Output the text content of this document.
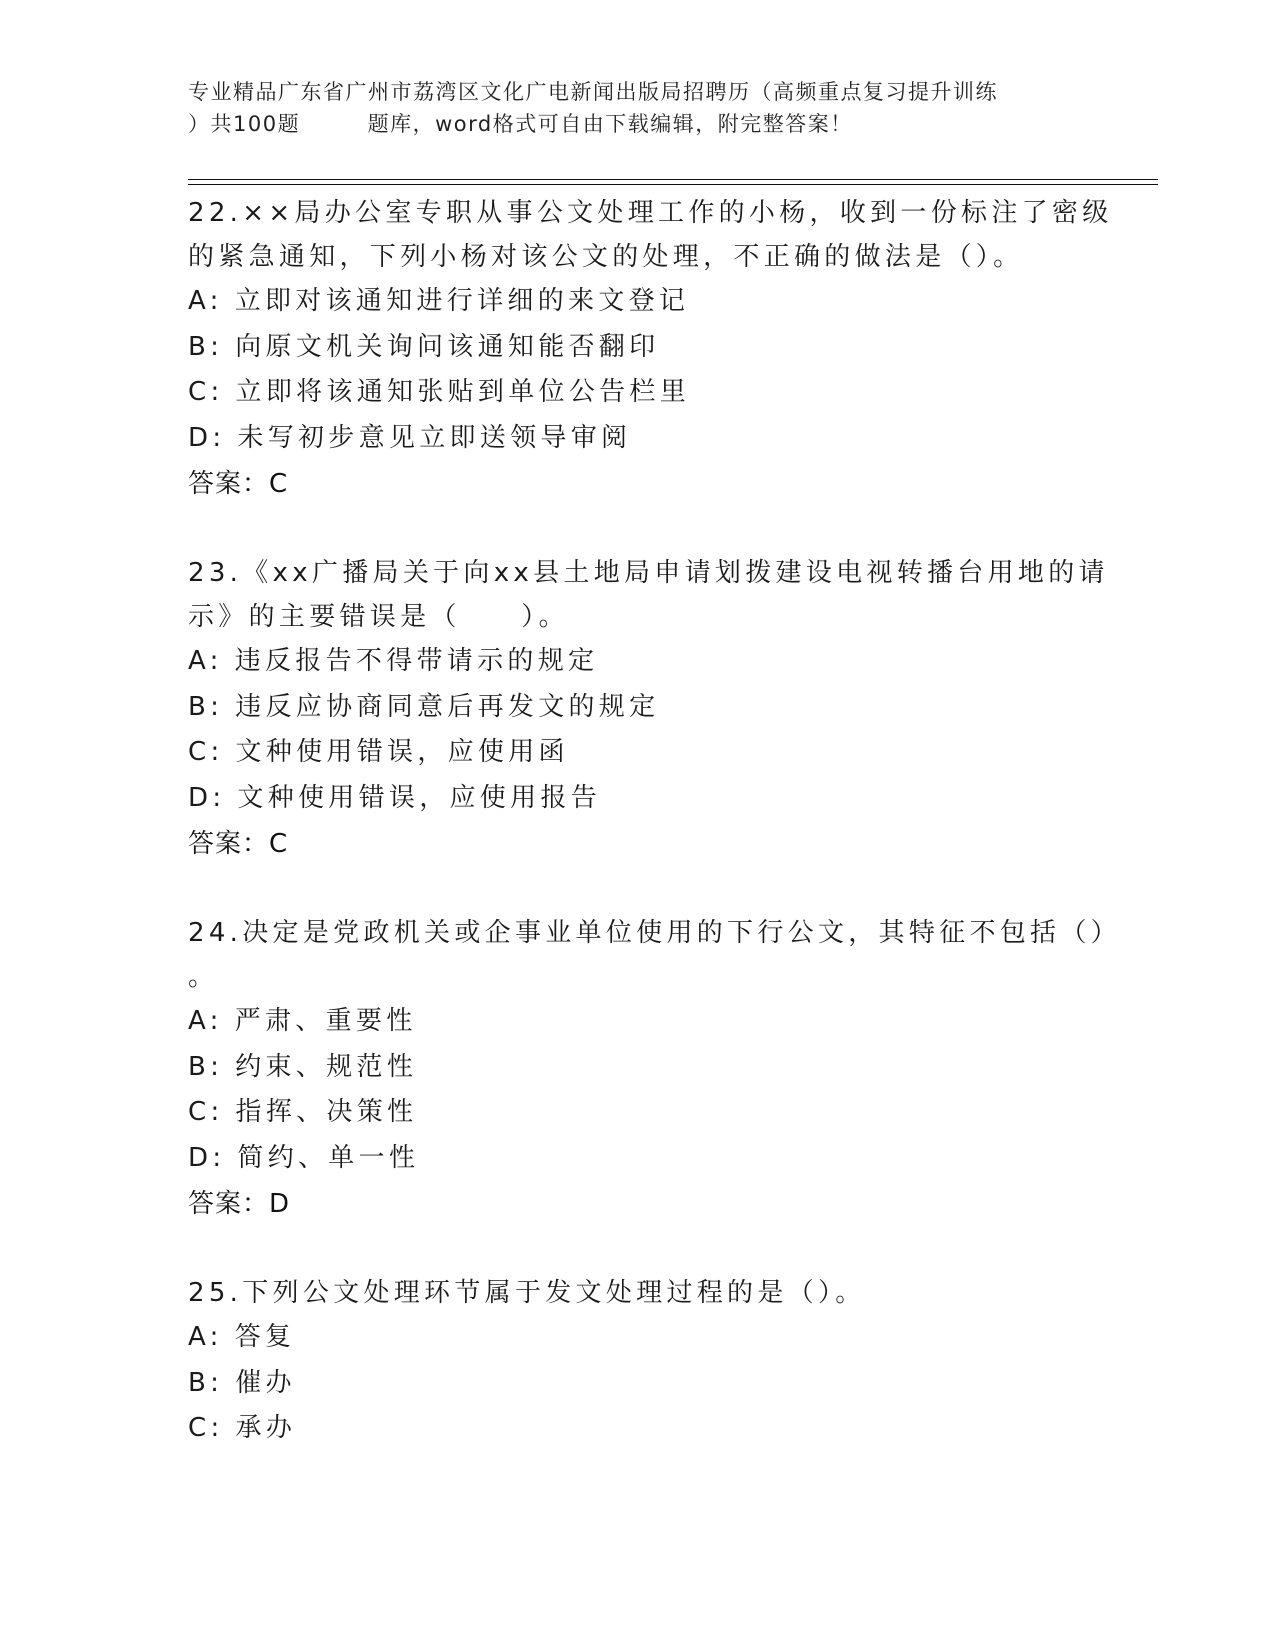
专业精品广东省广州市荔湾区文化广电新闻出版局招聘历（高频重点复习提升训练
）共100题　　　题库，word格式可自由下载编辑，附完整答案！
22.××局办公室专职从事公文处理工作的小杨，收到一份标注了密级
的紧急通知，下列小杨对该公文的处理，不正确的做法是（）。
A: 立即对该通知进行详细的来文登记
B: 向原文机关询问该通知能否翻印
C: 立即将该通知张贴到单位公告栏里
D: 未写初步意见立即送领导审阅
答案：C
23.《xx广播局关于向xx县土地局申请划拨建设电视转播台用地的请
示》的主要错误是（　　）。
A: 违反报告不得带请示的规定
B: 违反应协商同意后再发文的规定
C: 文种使用错误，应使用函
D: 文种使用错误，应使用报告
答案：C
24.决定是党政机关或企事业单位使用的下行公文，其特征不包括（）
。
A: 严肃、重要性
B: 约束、规范性
C: 指挥、决策性
D: 简约、单一性
答案：D
25.下列公文处理环节属于发文处理过程的是（）。
A: 答复
B: 催办
C: 承办
